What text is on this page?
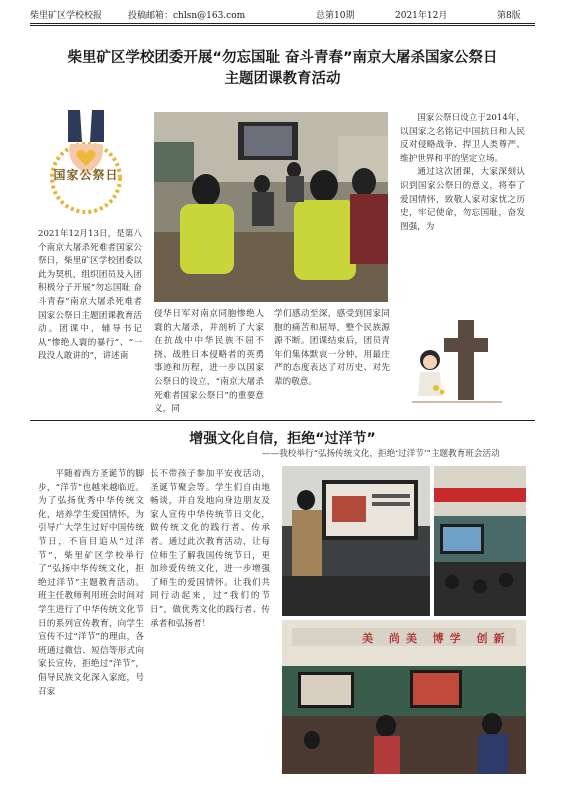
柴里矿区学校校报	投稿邮箱：chlsn@163.com	总第10期	2021年12月	第8版
柴里矿区学校团委开展“勿忘国耻 奋斗青春”南京大屠杀国家公祭日
主题团课教育活动
国家公祭日
2021年12月13日，是第八个南京大屠杀死难者国家公祭日，柴里矿区学校团委以此为契机，组织团员及入团积极分子开展“勿忘国耻 奋斗青春”南京大屠杀死难者国家公祭日主题团课教育活动。团课中，辅导书记从“惨绝人寰的暴行”、“一段没人敢讲的”，讲述南
侵华日军对南京同胞惨绝人寰的大屠杀，并剖析了大家在抗战中中华民族不屈不挠、战胜日本侵略者的英勇事迹和历程，进一步以国家公祭日的设立，“南京大屠杀死难者国家公祭日”的重要意义，同
学们感动至深，感受到国家同胞的痛苦和屈辱，整个民族源源不断。团课结束后，团员青年们集体默哀一分钟，用最庄严的态度表达了对历史、对先辈的敬意。
国家公祭日设立于2014年，以国家之名铭记中国抗日和人民反对侵略战争、捍卫人类尊严、维护世界和平的坚定立场。
通过这次团课，大家深刻认识到国家公祭日的意义，将奉了爱国情怀，致敬人家对家忧之历史，牢记使命，勿忘国耻，奋发图强，为
增强文化自信，拒绝“过洋节”
——我校举行“弘扬传统文化，拒绝‘过洋节’”主题教育班会活动
平随着西方圣诞节的脚步，“洋节”也越来越临近。为了弘扬优秀中华传统文化，培养学生爱国情怀，为引导广大学生过好中国传统节日，不盲目追从“过洋节”，柴里矿区学校举行了“弘扬中华传统文化，拒绝过洋节”主题教育活动。班主任教师利用班会时间对学生进行了中华传统文化节日的系列宣传教育，向学生宣传不过“洋节”的理由，各班通过微信、短信等形式向家长宣传，拒绝过“洋节”，倡导民族文化深入家庭，号召家
长不带孩子参加平安夜活动，圣诞节聚会等。学生们自由地畅谈，并自发地向身边朋友及家人宣传中华传统节日文化，做传统文化的践行者、传承者。通过此次教育活动，让每位师生了解我国传统节日，更加珍爱传统文化，进一步增强了师生的爱国情怀。让我们共同行动起来，过“我们的节日”，做优秀文化的践行者、传承者和弘扬者！
美 尚美 博学 创新
